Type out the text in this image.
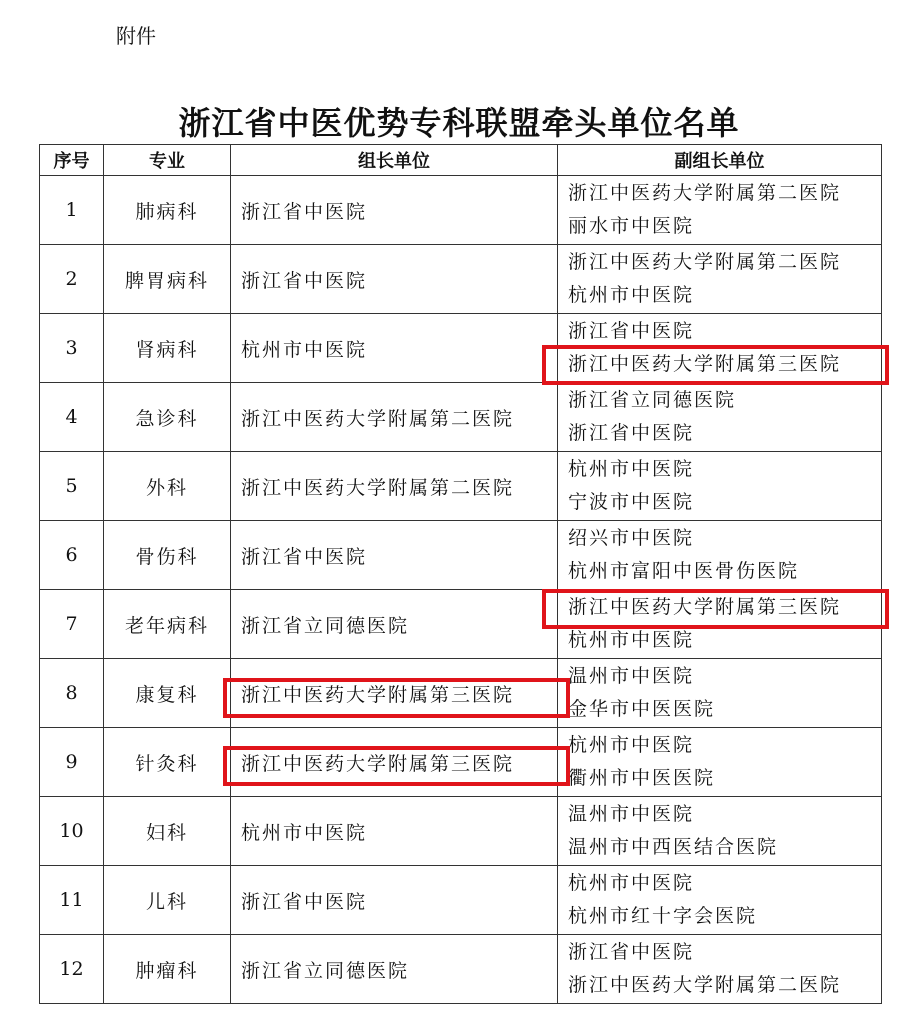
附件
浙江省中医优势专科联盟牵头单位名单
序号	专业	组长单位	副组长单位
1	肺病科	浙江省中医院	浙江中医药大学附属第二医院
丽水市中医院

2	脾胃病科	浙江省中医院	浙江中医药大学附属第二医院
杭州市中医院

3	肾病科	杭州市中医院	浙江省中医院
浙江中医药大学附属第三医院

4	急诊科	浙江中医药大学附属第二医院	浙江省立同德医院
浙江省中医院

5	外科	浙江中医药大学附属第二医院	杭州市中医院
宁波市中医院

6	骨伤科	浙江省中医院	绍兴市中医院
杭州市富阳中医骨伤医院

7	老年病科	浙江省立同德医院	浙江中医药大学附属第三医院
杭州市中医院

8	康复科	浙江中医药大学附属第三医院	温州市中医院
金华市中医医院

9	针灸科	浙江中医药大学附属第三医院	杭州市中医院
衢州市中医医院

10	妇科	杭州市中医院	温州市中医院
温州市中西医结合医院

11	儿科	浙江省中医院	杭州市中医院
杭州市红十字会医院

12	肿瘤科	浙江省立同德医院	浙江省中医院
浙江中医药大学附属第二医院
